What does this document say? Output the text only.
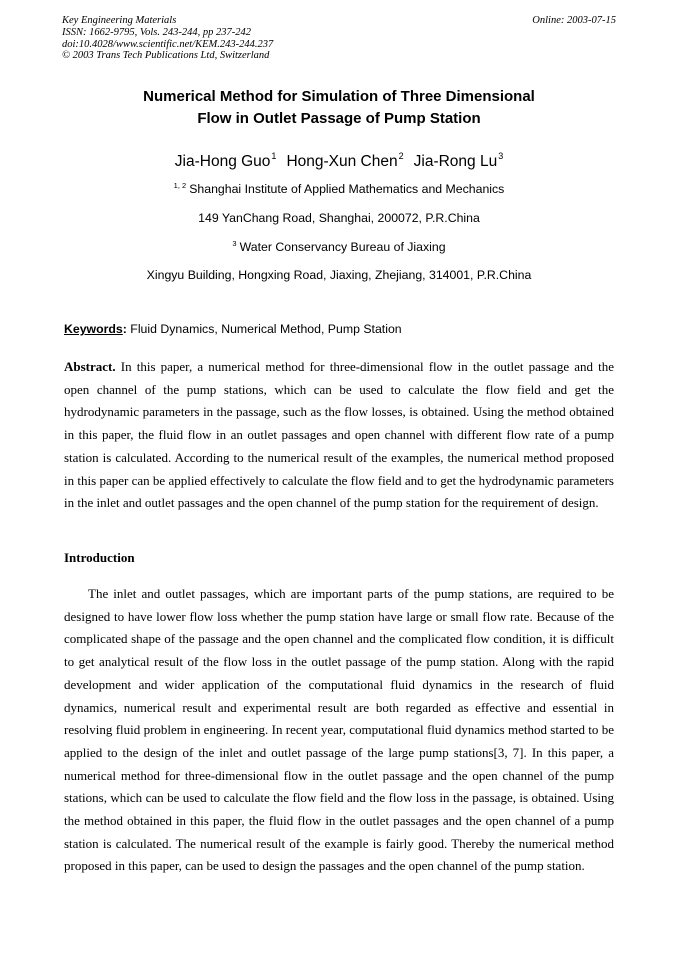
Key Engineering Materials
ISSN: 1662-9795, Vols. 243-244, pp 237-242
doi:10.4028/www.scientific.net/KEM.243-244.237
© 2003 Trans Tech Publications Ltd, Switzerland
Online: 2003-07-15
Numerical Method for Simulation of Three Dimensional
Flow in Outlet Passage of Pump Station
Jia-Hong Guo$^1$ Hong-Xun Chen$^2$ Jia-Rong Lu$^3$
$^{1, 2}$ Shanghai Institute of Applied Mathematics and Mechanics
149 YanChang Road, Shanghai, 200072, P.R.China
$^3$ Water Conservancy Bureau of Jiaxing
Xingyu Building, Hongxing Road, Jiaxing, Zhejiang, 314001, P.R.China
Keywords: Fluid Dynamics, Numerical Method, Pump Station
Abstract. In this paper, a numerical method for three-dimensional flow in the outlet passage and the open channel of the pump stations, which can be used to calculate the flow field and get the hydrodynamic parameters in the passage, such as the flow losses, is obtained. Using the method obtained in this paper, the fluid flow in an outlet passages and open channel with different flow rate of a pump station is calculated. According to the numerical result of the examples, the numerical method proposed in this paper can be applied effectively to calculate the flow field and to get the hydrodynamic parameters in the inlet and outlet passages and the open channel of the pump station for the requirement of design.
Introduction
The inlet and outlet passages, which are important parts of the pump stations, are required to be designed to have lower flow loss whether the pump station have large or small flow rate. Because of the complicated shape of the passage and the open channel and the complicated flow condition, it is difficult to get analytical result of the flow loss in the outlet passage of the pump station. Along with the rapid development and wider application of the computational fluid dynamics in the research of fluid dynamics, numerical result and experimental result are both regarded as effective and essential in resolving fluid problem in engineering. In recent year, computational fluid dynamics method started to be applied to the design of the inlet and outlet passage of the large pump stations[3, 7]. In this paper, a numerical method for three-dimensional flow in the outlet passage and the open channel of the pump stations, which can be used to calculate the flow field and the flow loss in the passage, is obtained. Using the method obtained in this paper, the fluid flow in the outlet passages and the open channel of a pump station is calculated. The numerical result of the example is fairly good. Thereby the numerical method proposed in this paper, can be used to design the passages and the open channel of the pump station.
